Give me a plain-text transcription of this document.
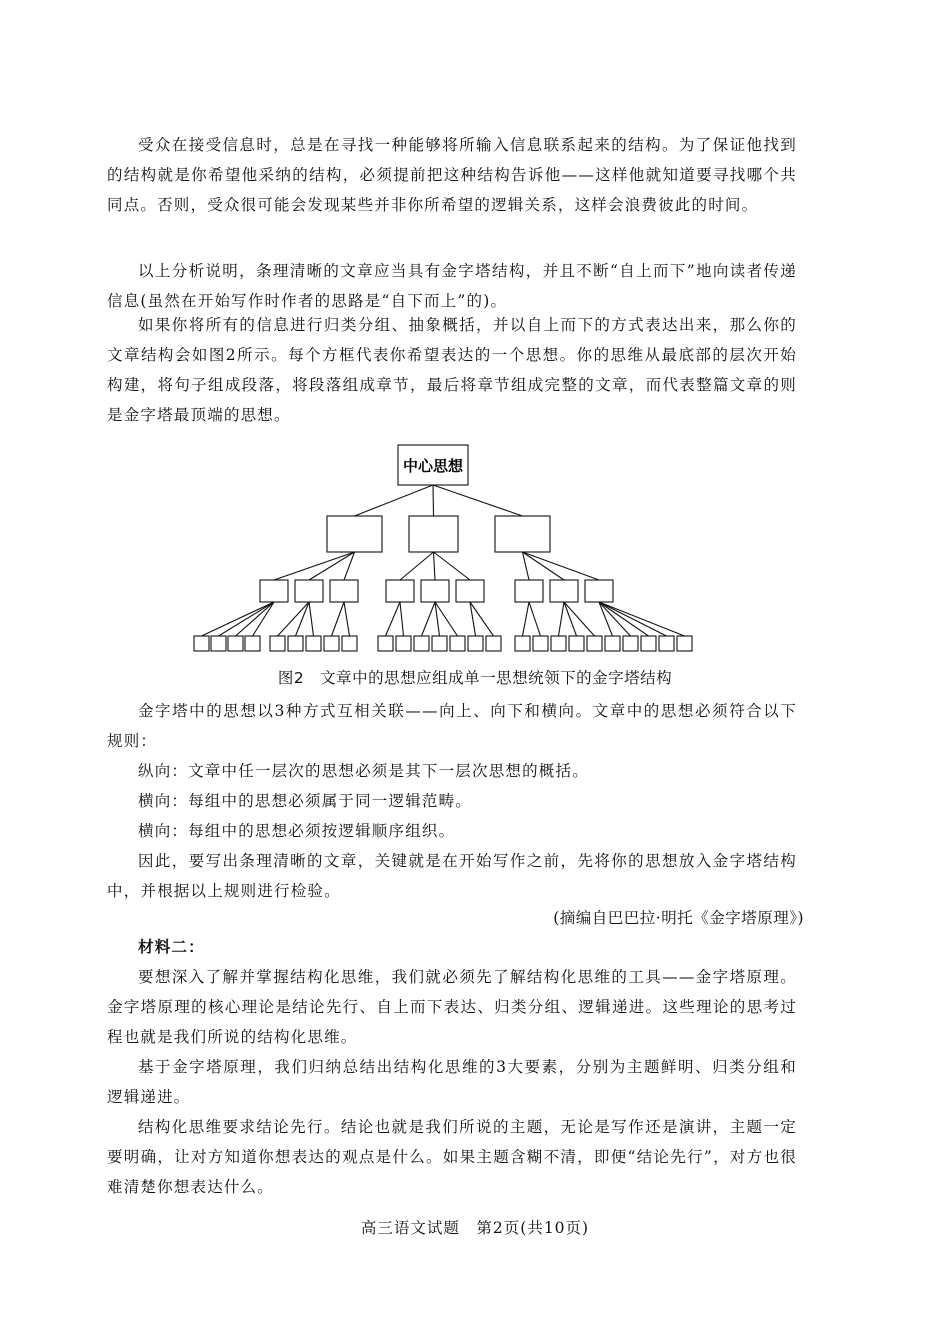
受众在接受信息时，总是在寻找一种能够将所输入信息联系起来的结构。为了保证他找到的结构就是你希望他采纳的结构，必须提前把这种结构告诉他——这样他就知道要寻找哪个共同点。否则，受众很可能会发现某些并非你所希望的逻辑关系，这样会浪费彼此的时间。

以上分析说明，条理清晰的文章应当具有金字塔结构，并且不断“自上而下”地向读者传递信息(虽然在开始写作时作者的思路是“自下而上”的)。

如果你将所有的信息进行归类分组、抽象概括，并以自上而下的方式表达出来，那么你的文章结构会如图2所示。每个方框代表你希望表达的一个思想。你的思维从最底部的层次开始构建，将句子组成段落，将段落组成章节，最后将章节组成完整的文章，而代表整篇文章的则是金字塔最顶端的思想。

中心思想
图2　文章中的思想应组成单一思想统领下的金字塔结构

金字塔中的思想以3种方式互相关联——向上、向下和横向。文章中的思想必须符合以下规则：

纵向：文章中任一层次的思想必须是其下一层次思想的概括。

横向：每组中的思想必须属于同一逻辑范畴。

横向：每组中的思想必须按逻辑顺序组织。

因此，要写出条理清晰的文章，关键就是在开始写作之前，先将你的思想放入金字塔结构中，并根据以上规则进行检验。

(摘编自巴巴拉·明托《金字塔原理》)

材料二：

要想深入了解并掌握结构化思维，我们就必须先了解结构化思维的工具——金字塔原理。金字塔原理的核心理论是结论先行、自上而下表达、归类分组、逻辑递进。这些理论的思考过程也就是我们所说的结构化思维。

基于金字塔原理，我们归纳总结出结构化思维的3大要素，分别为主题鲜明、归类分组和逻辑递进。

结构化思维要求结论先行。结论也就是我们所说的主题，无论是写作还是演讲，主题一定要明确，让对方知道你想表达的观点是什么。如果主题含糊不清，即便“结论先行”，对方也很难清楚你想表达什么。

高三语文试题　第2页(共10页)
